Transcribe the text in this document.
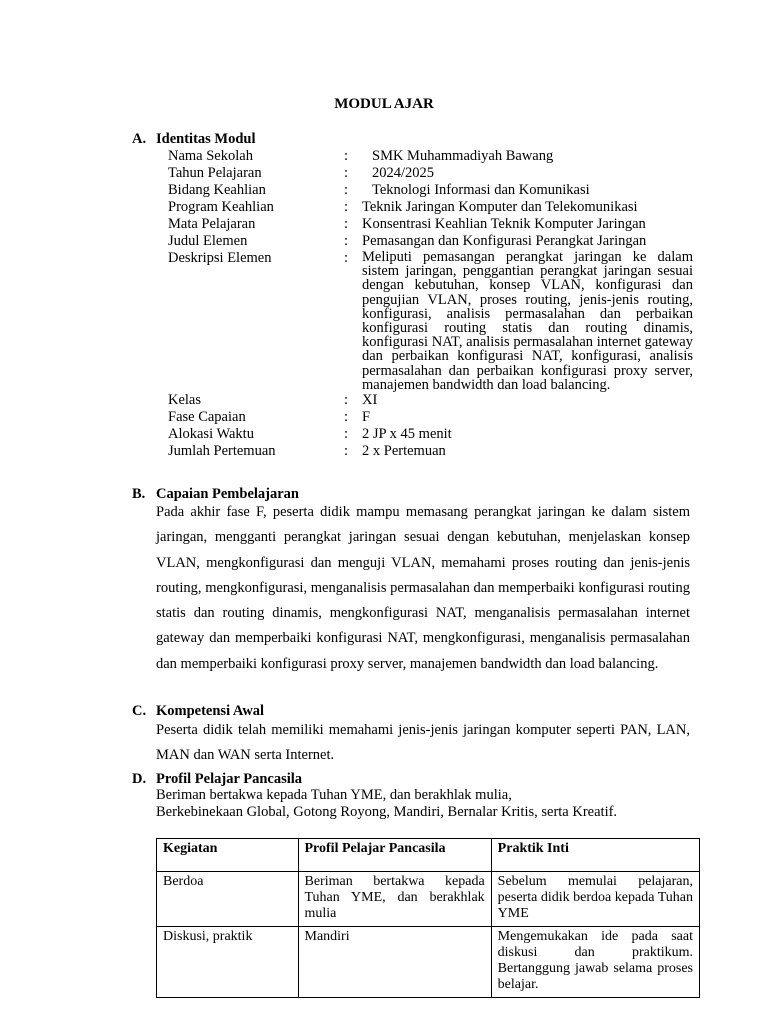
MODUL AJAR
A. Identitas Modul
Nama Sekolah	:	SMK Muhammadiyah Bawang
Tahun Pelajaran	:	2024/2025
Bidang Keahlian	:	Teknologi Informasi dan Komunikasi
Program Keahlian	: Teknik Jaringan Komputer dan Telekomunikasi
Mata Pelajaran	: Konsentrasi Keahlian Teknik Komputer Jaringan
Judul Elemen	: Pemasangan dan Konfigurasi Perangkat Jaringan
Deskripsi Elemen	: Meliputi pemasangan perangkat jaringan ke dalam sistem jaringan, penggantian perangkat jaringan sesuai dengan kebutuhan, konsep VLAN, konfigurasi dan pengujian VLAN, proses routing, jenis-jenis routing, konfigurasi, analisis permasalahan dan perbaikan konfigurasi routing statis dan routing dinamis, konfigurasi NAT, analisis permasalahan internet gateway dan perbaikan konfigurasi NAT, konfigurasi, analisis permasalahan dan perbaikan konfigurasi proxy server, manajemen bandwidth dan load balancing.
Kelas	: XI
Fase Capaian	: F
Alokasi Waktu	: 2 JP x 45 menit
Jumlah Pertemuan	: 2 x Pertemuan
B. Capaian Pembelajaran
Pada akhir fase F, peserta didik mampu memasang perangkat jaringan ke dalam sistem jaringan, mengganti perangkat jaringan sesuai dengan kebutuhan, menjelaskan konsep VLAN, mengkonfigurasi dan menguji VLAN, memahami proses routing dan jenis-jenis routing, mengkonfigurasi, menganalisis permasalahan dan memperbaiki konfigurasi routing statis dan routing dinamis, mengkonfigurasi NAT, menganalisis permasalahan internet gateway dan memperbaiki konfigurasi NAT, mengkonfigurasi, menganalisis permasalahan dan memperbaiki konfigurasi proxy server, manajemen bandwidth dan load balancing.
C. Kompetensi Awal
Peserta didik telah memiliki memahami jenis-jenis jaringan komputer seperti PAN, LAN, MAN dan WAN serta Internet.
D. Profil Pelajar Pancasila
Beriman bertakwa kepada Tuhan YME, dan berakhlak mulia,
Berkebinekaan Global, Gotong Royong, Mandiri, Bernalar Kritis, serta Kreatif.
Kegiatan	Profil Pelajar Pancasila	Praktik Inti
Berdoa	Beriman bertakwa kepada Tuhan YME, dan berakhlak mulia	Sebelum memulai pelajaran, peserta didik berdoa kepada Tuhan YME
Diskusi, praktik	Mandiri	Mengemukakan ide pada saat diskusi dan praktikum. Bertanggung jawab selama proses belajar.
